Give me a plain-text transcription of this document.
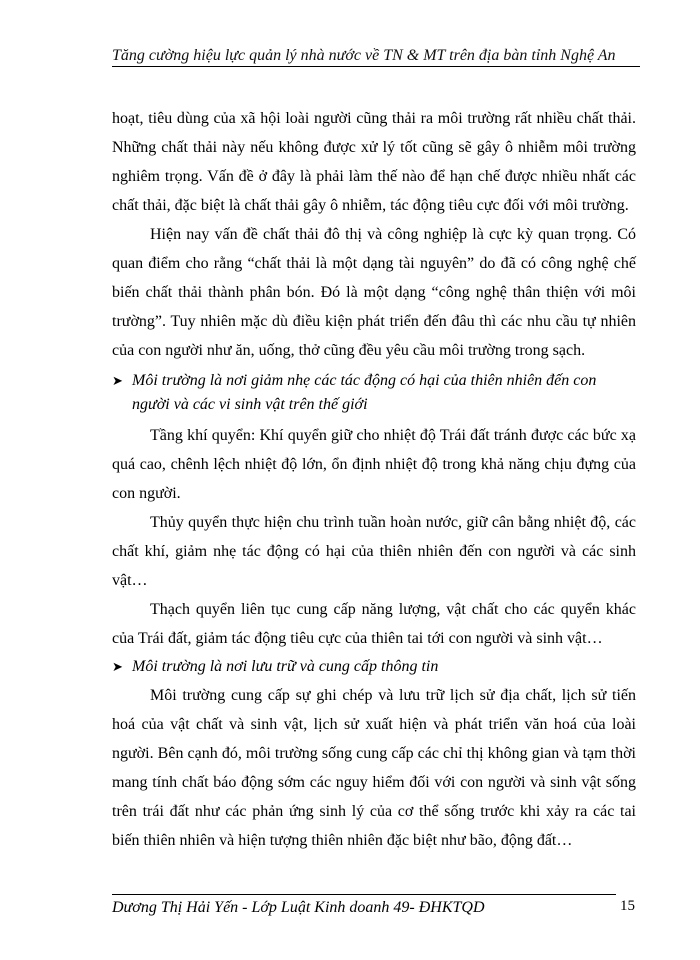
Tăng cường hiệu lực quản lý nhà nước về TN & MT trên địa bàn tỉnh Nghệ An

hoạt, tiêu dùng của xã hội loài người cũng thải ra môi trường rất nhiều chất thải. Những chất thải này nếu không được xử lý tốt cũng sẽ gây ô nhiễm môi trường nghiêm trọng. Vấn đề ở đây là phải làm thế nào để hạn chế được nhiều nhất các chất thải, đặc biệt là chất thải gây ô nhiễm, tác động tiêu cực đối với môi trường.

Hiện nay vấn đề chất thải đô thị và công nghiệp là cực kỳ quan trọng. Có quan điểm cho rằng “chất thải là một dạng tài nguyên” do đã có công nghệ chế biến chất thải thành phân bón. Đó là một dạng “công nghệ thân thiện với môi trường”. Tuy nhiên mặc dù điều kiện phát triển đến đâu thì các nhu cầu tự nhiên của con người như ăn, uống, thở cũng đều yêu cầu môi trường trong sạch.

➤ Môi trường là nơi giảm nhẹ các tác động có hại của thiên nhiên đến con người và các vi sinh vật trên thế giới

Tầng khí quyển: Khí quyển giữ cho nhiệt độ Trái đất tránh được các bức xạ quá cao, chênh lệch nhiệt độ lớn, ổn định nhiệt độ trong khả năng chịu đựng của con người.

Thủy quyển thực hiện chu trình tuần hoàn nước, giữ cân bằng nhiệt độ, các chất khí, giảm nhẹ tác động có hại của thiên nhiên đến con người và các sinh vật…

Thạch quyển liên tục cung cấp năng lượng, vật chất cho các quyển khác của Trái đất, giảm tác động tiêu cực của thiên tai tới con người và sinh vật…

➤ Môi trường là nơi lưu trữ và cung cấp thông tin

Môi trường cung cấp sự ghi chép và lưu trữ lịch sử địa chất, lịch sử tiến hoá của vật chất và sinh vật, lịch sử xuất hiện và phát triển văn hoá của loài người. Bên cạnh đó, môi trường sống cung cấp các chỉ thị không gian và tạm thời mang tính chất báo động sớm các nguy hiểm đối với con người và sinh vật sống trên trái đất như các phản ứng sinh lý của cơ thể sống trước khi xảy ra các tai biến thiên nhiên và hiện tượng thiên nhiên đặc biệt như bão, động đất…

Dương Thị Hải Yến - Lớp Luật Kinh doanh 49- ĐHKTQD	15
